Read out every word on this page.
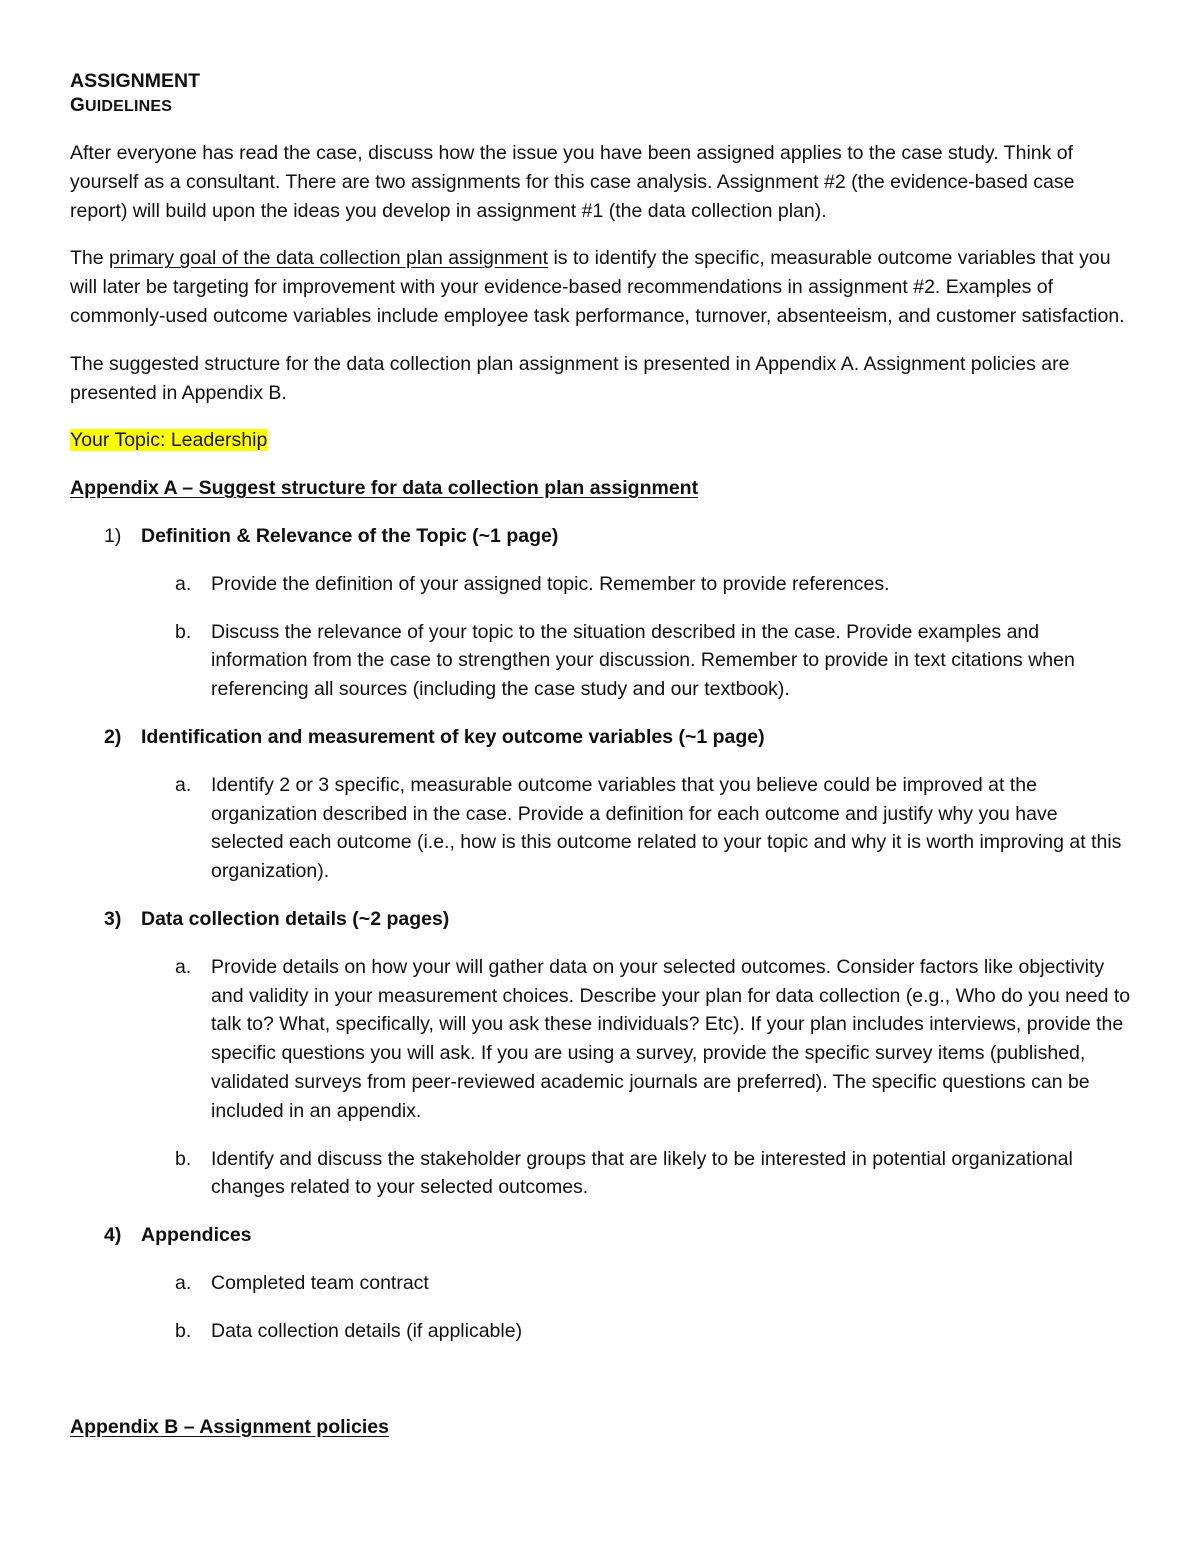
ASSIGNMENT
GUIDELINES

After everyone has read the case, discuss how the issue you have been assigned applies to the case study. Think of yourself as a consultant. There are two assignments for this case analysis. Assignment #2 (the evidence-based case report) will build upon the ideas you develop in assignment #1 (the data collection plan).

The primary goal of the data collection plan assignment is to identify the specific, measurable outcome variables that you will later be targeting for improvement with your evidence-based recommendations in assignment #2. Examples of commonly-used outcome variables include employee task performance, turnover, absenteeism, and customer satisfaction.

The suggested structure for the data collection plan assignment is presented in Appendix A. Assignment policies are presented in Appendix B.

Your Topic: Leadership

Appendix A – Suggest structure for data collection plan assignment
1) Definition & Relevance of the Topic (~1 page)
a. Provide the definition of your assigned topic. Remember to provide references.
b. Discuss the relevance of your topic to the situation described in the case. Provide examples and information from the case to strengthen your discussion. Remember to provide in text citations when referencing all sources (including the case study and our textbook).
2) Identification and measurement of key outcome variables (~1 page)
a. Identify 2 or 3 specific, measurable outcome variables that you believe could be improved at the organization described in the case. Provide a definition for each outcome and justify why you have selected each outcome (i.e., how is this outcome related to your topic and why it is worth improving at this organization).
3) Data collection details (~2 pages)
a. Provide details on how your will gather data on your selected outcomes. Consider factors like objectivity and validity in your measurement choices. Describe your plan for data collection (e.g., Who do you need to talk to? What, specifically, will you ask these individuals? Etc). If your plan includes interviews, provide the specific questions you will ask. If you are using a survey, provide the specific survey items (published, validated surveys from peer-reviewed academic journals are preferred). The specific questions can be included in an appendix.
b. Identify and discuss the stakeholder groups that are likely to be interested in potential organizational changes related to your selected outcomes.
4) Appendices
a. Completed team contract
b. Data collection details (if applicable)
Appendix B – Assignment policies
